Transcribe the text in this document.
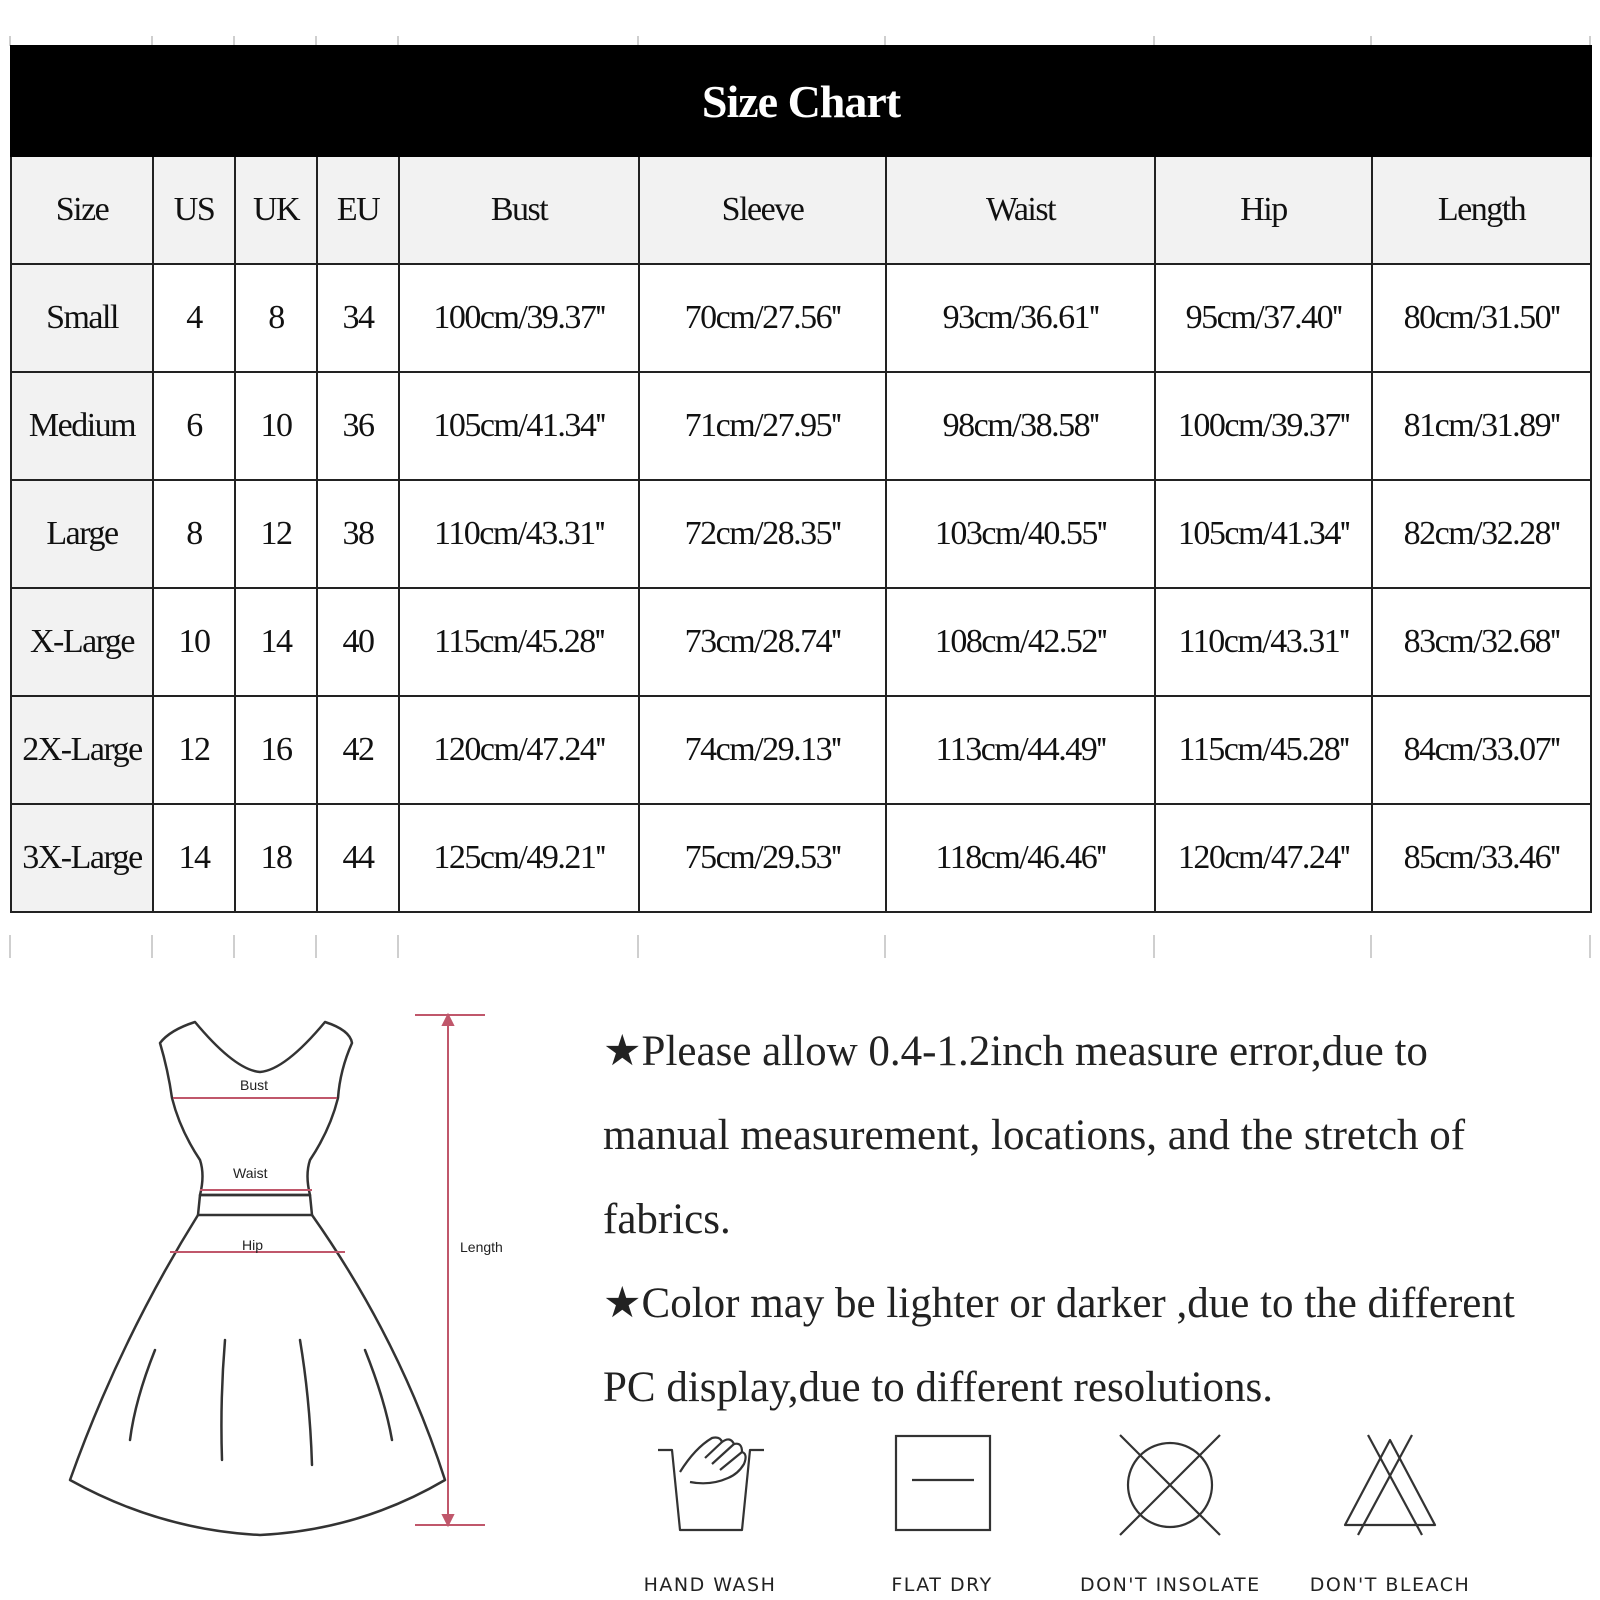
Size Chart								
Size	US	UK	EU	Bust	Sleeve	Waist	Hip	Length
Small	4	8	34	100cm/39.37''	70cm/27.56''	93cm/36.61''	95cm/37.40''	80cm/31.50''
Medium	6	10	36	105cm/41.34''	71cm/27.95''	98cm/38.58''	100cm/39.37''	81cm/31.89''
Large	8	12	38	110cm/43.31''	72cm/28.35''	103cm/40.55''	105cm/41.34''	82cm/32.28''
X-Large	10	14	40	115cm/45.28''	73cm/28.74''	108cm/42.52''	110cm/43.31''	83cm/32.68''
2X-Large	12	16	42	120cm/47.24''	74cm/29.13''	113cm/44.49''	115cm/45.28''	84cm/33.07''
3X-Large	14	18	44	125cm/49.21''	75cm/29.53''	118cm/46.46''	120cm/47.24''	85cm/33.46''
Bust
Waist
Hip	Length

★Please allow 0.4-1.2inch measure error,due to manual measurement, locations, and the stretch of fabrics.

★Color may be lighter or darker ,due to the different PC display,due to different resolutions.

HAND WASH	FLAT DRY	DON'T INSOLATE	DON'T BLEACH
